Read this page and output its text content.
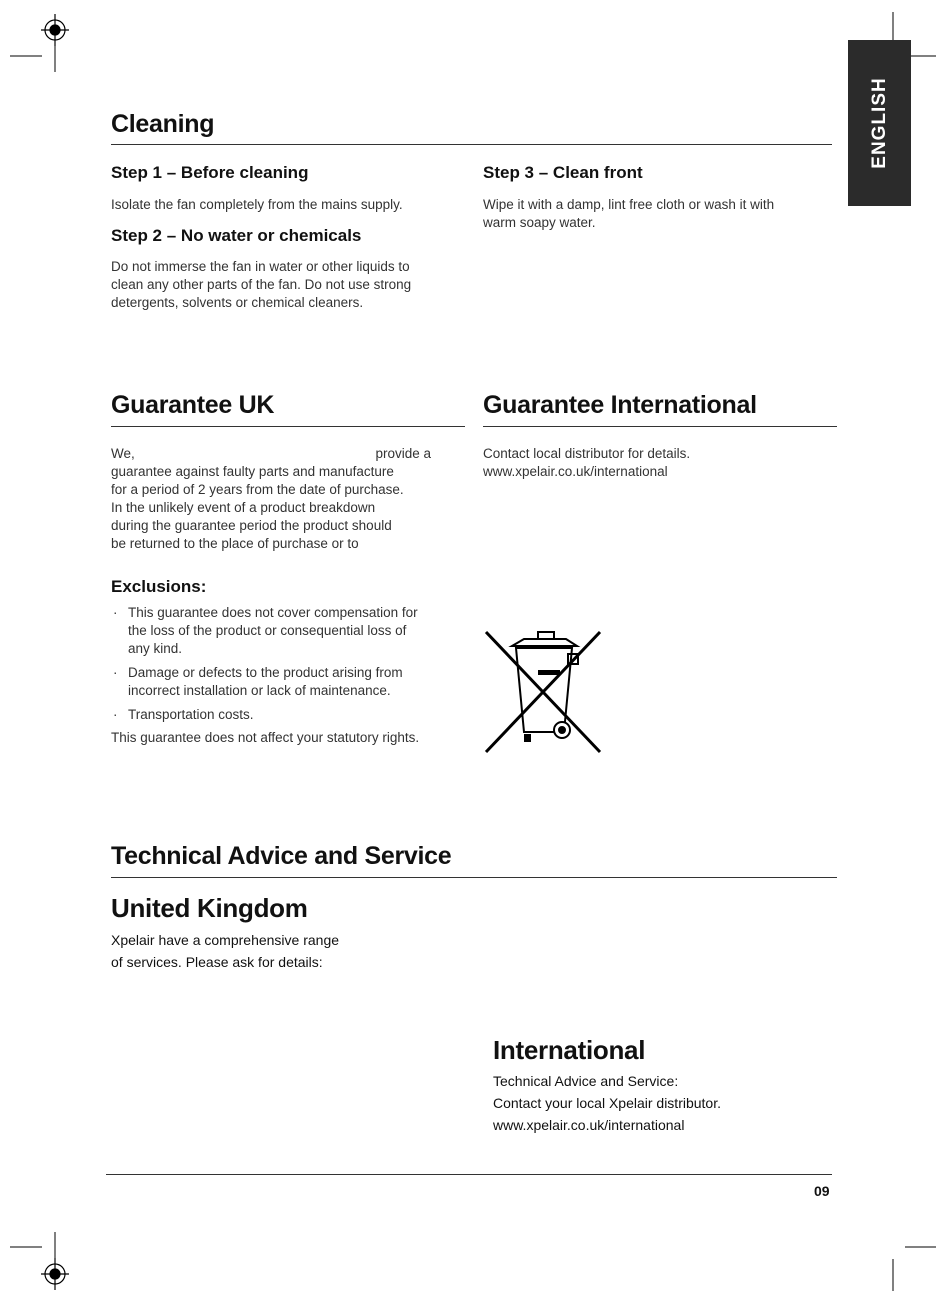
ENGLISH
Cleaning
Step 1 – Before cleaning
Isolate the fan completely from the mains supply.
Step 2 – No water or chemicals
Do not immerse the fan in water or other liquids to clean any other parts of the fan. Do not use strong detergents, solvents or chemical cleaners.
Step 3 – Clean front
Wipe it with a damp, lint free cloth or wash it with warm soapy water.
Guarantee UK
We,	provide a
guarantee against faulty parts and manufacture
for a period of 2 years from the date of purchase.
In the unlikely event of a product breakdown
during the guarantee period the product should
be returned to the place of purchase or to
Exclusions:
· This guarantee does not cover compensation for the loss of the product or consequential loss of any kind.
· Damage or defects to the product arising from incorrect installation or lack of maintenance.
· Transportation costs.
This guarantee does not affect your statutory rights.
Guarantee International
Contact local distributor for details.
www.xpelair.co.uk/international
Technical Advice and Service
United Kingdom
Xpelair have a comprehensive range
of services. Please ask for details:
International
Technical Advice and Service:
Contact your local Xpelair distributor.
www.xpelair.co.uk/international
09
